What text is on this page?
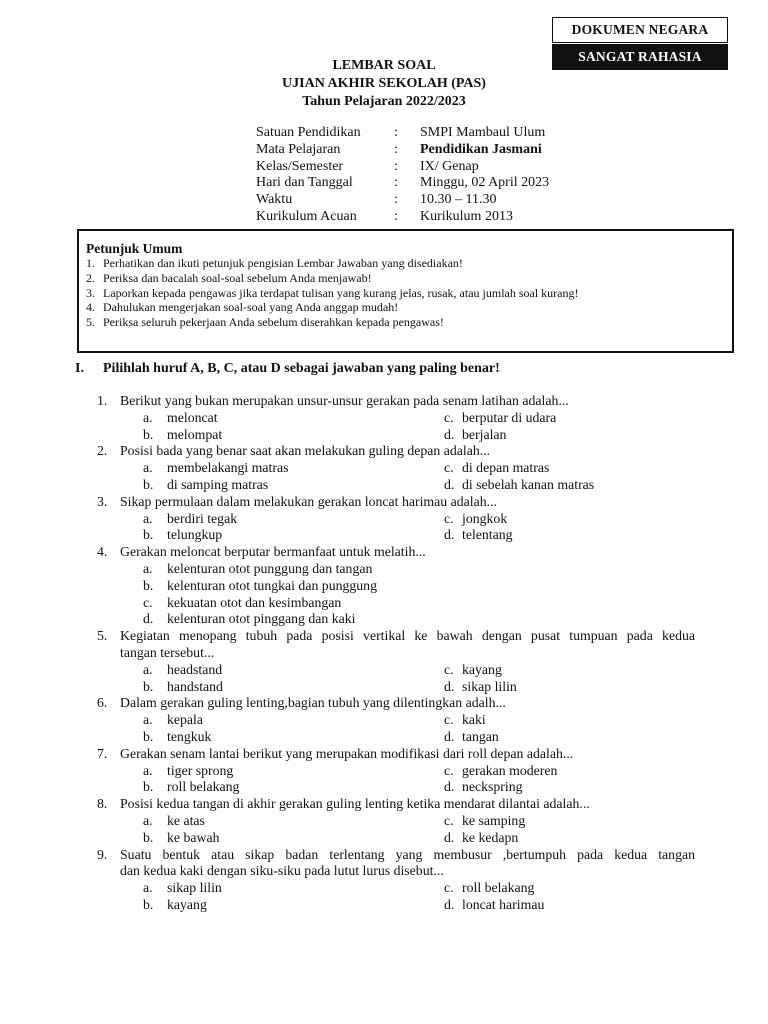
DOKUMEN NEGARA
SANGAT RAHASIA
LEMBAR SOAL
UJIAN AKHIR SEKOLAH (PAS)
Tahun Pelajaran 2022/2023
Satuan Pendidikan : SMPI Mambaul Ulum
Mata Pelajaran	: Pendidikan Jasmani
Kelas/Semester	: IX/ Genap
Hari dan Tanggal	: Minggu, 02 April 2023
Waktu	: 10.30 – 11.30
Kurikulum Acuan	: Kurikulum 2013
Petunjuk Umum
1. Perhatikan dan ikuti petunjuk pengisian Lembar Jawaban yang disediakan!
2. Periksa dan bacalah soal-soal sebelum Anda menjawab!
3. Laporkan kepada pengawas jika terdapat tulisan yang kurang jelas, rusak, atau jumlah soal kurang!
4. Dahulukan mengerjakan soal-soal yang Anda anggap mudah!
5. Periksa seluruh pekerjaan Anda sebelum diserahkan kepada pengawas!
I. Pilihlah huruf A, B, C, atau D sebagai jawaban yang paling benar!
1. Berikut yang bukan merupakan unsur-unsur gerakan pada senam latihan adalah...
a. meloncat	c. berputar di udara
b. melompat	d. berjalan
2. Posisi bada yang benar saat akan melakukan guling depan adalah...
a. membelakangi matras	c. di depan matras
b. di samping matras	d. di sebelah kanan matras
3. Sikap permulaan dalam melakukan gerakan loncat harimau adalah...
a. berdiri tegak	c. jongkok
b. telungkup	d. telentang
4. Gerakan meloncat berputar bermanfaat untuk melatih...
a. kelenturan otot punggung dan tangan
b. kelenturan otot tungkai dan punggung
c. kekuatan otot dan kesimbangan
d. kelenturan otot pinggang dan kaki
5. Kegiatan menopang tubuh pada posisi vertikal ke bawah dengan pusat tumpuan pada kedua
tangan tersebut...
a. headstand	c. kayang
b. handstand	d. sikap lilin
6. Dalam gerakan guling lenting,bagian tubuh yang dilentingkan adalh...
a. kepala	c. kaki
b. tengkuk	d. tangan
7. Gerakan senam lantai berikut yang merupakan modifikasi dari roll depan adalah...
a. tiger sprong	c. gerakan moderen
b. roll belakang	d. neckspring
8. Posisi kedua tangan di akhir gerakan guling lenting ketika mendarat dilantai adalah...
a. ke atas	c. ke samping
b. ke bawah	d. ke kedapn
9. Suatu bentuk atau sikap badan terlentang yang membusur ,bertumpuh pada kedua tangan
dan kedua kaki dengan siku-siku pada lutut lurus disebut...
a. sikap lilin	c. roll belakang
b. kayang	d. loncat harimau
